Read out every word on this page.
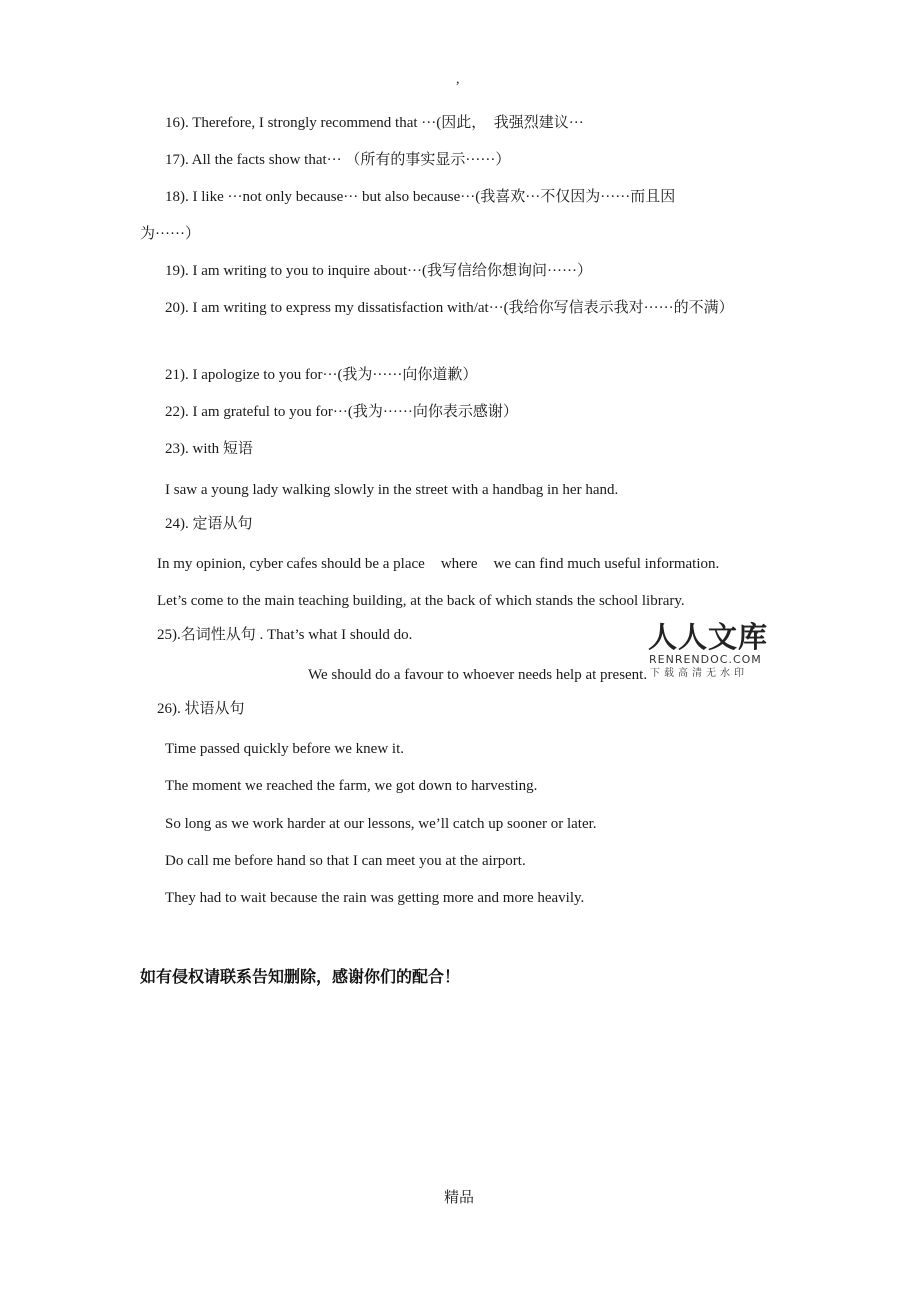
,
16). Therefore, I strongly recommend that ···(因此，　我强烈建议···
17). All the facts show that··· （所有的事实显示······）
18). I like ···not only because··· but also because···(我喜欢···不仅因为······而且因
为······）
19). I am writing to you to inquire about···(我写信给你想询问······）
20). I am writing to express my dissatisfaction with/at···(我给你写信表示我对······的不满）
21). I apologize to you for···(我为······向你道歉）
22). I am grateful to you for···(我为······向你表示感谢）
23). with 短语
I saw a young lady walking slowly in the street with a handbag in her hand.
24). 定语从句
In my opinion, cyber cafes should be a place where we can find much useful information.
Let’s come to the main teaching building, at the back of which stands the school library.
25).名词性从句 . That’s what I should do.
We should do a favour to whoever needs help at present.
人人文库
RENRENDOC.COM
下载高清无水印
26). 状语从句
Time passed quickly before we knew it.
The moment we reached the farm, we got down to harvesting.
So long as we work harder at our lessons, we’ll catch up sooner or later.
Do call me before hand so that I can meet you at the airport.
They had to wait because the rain was getting more and more heavily.
如有侵权请联系告知删除，感谢你们的配合！
精品
